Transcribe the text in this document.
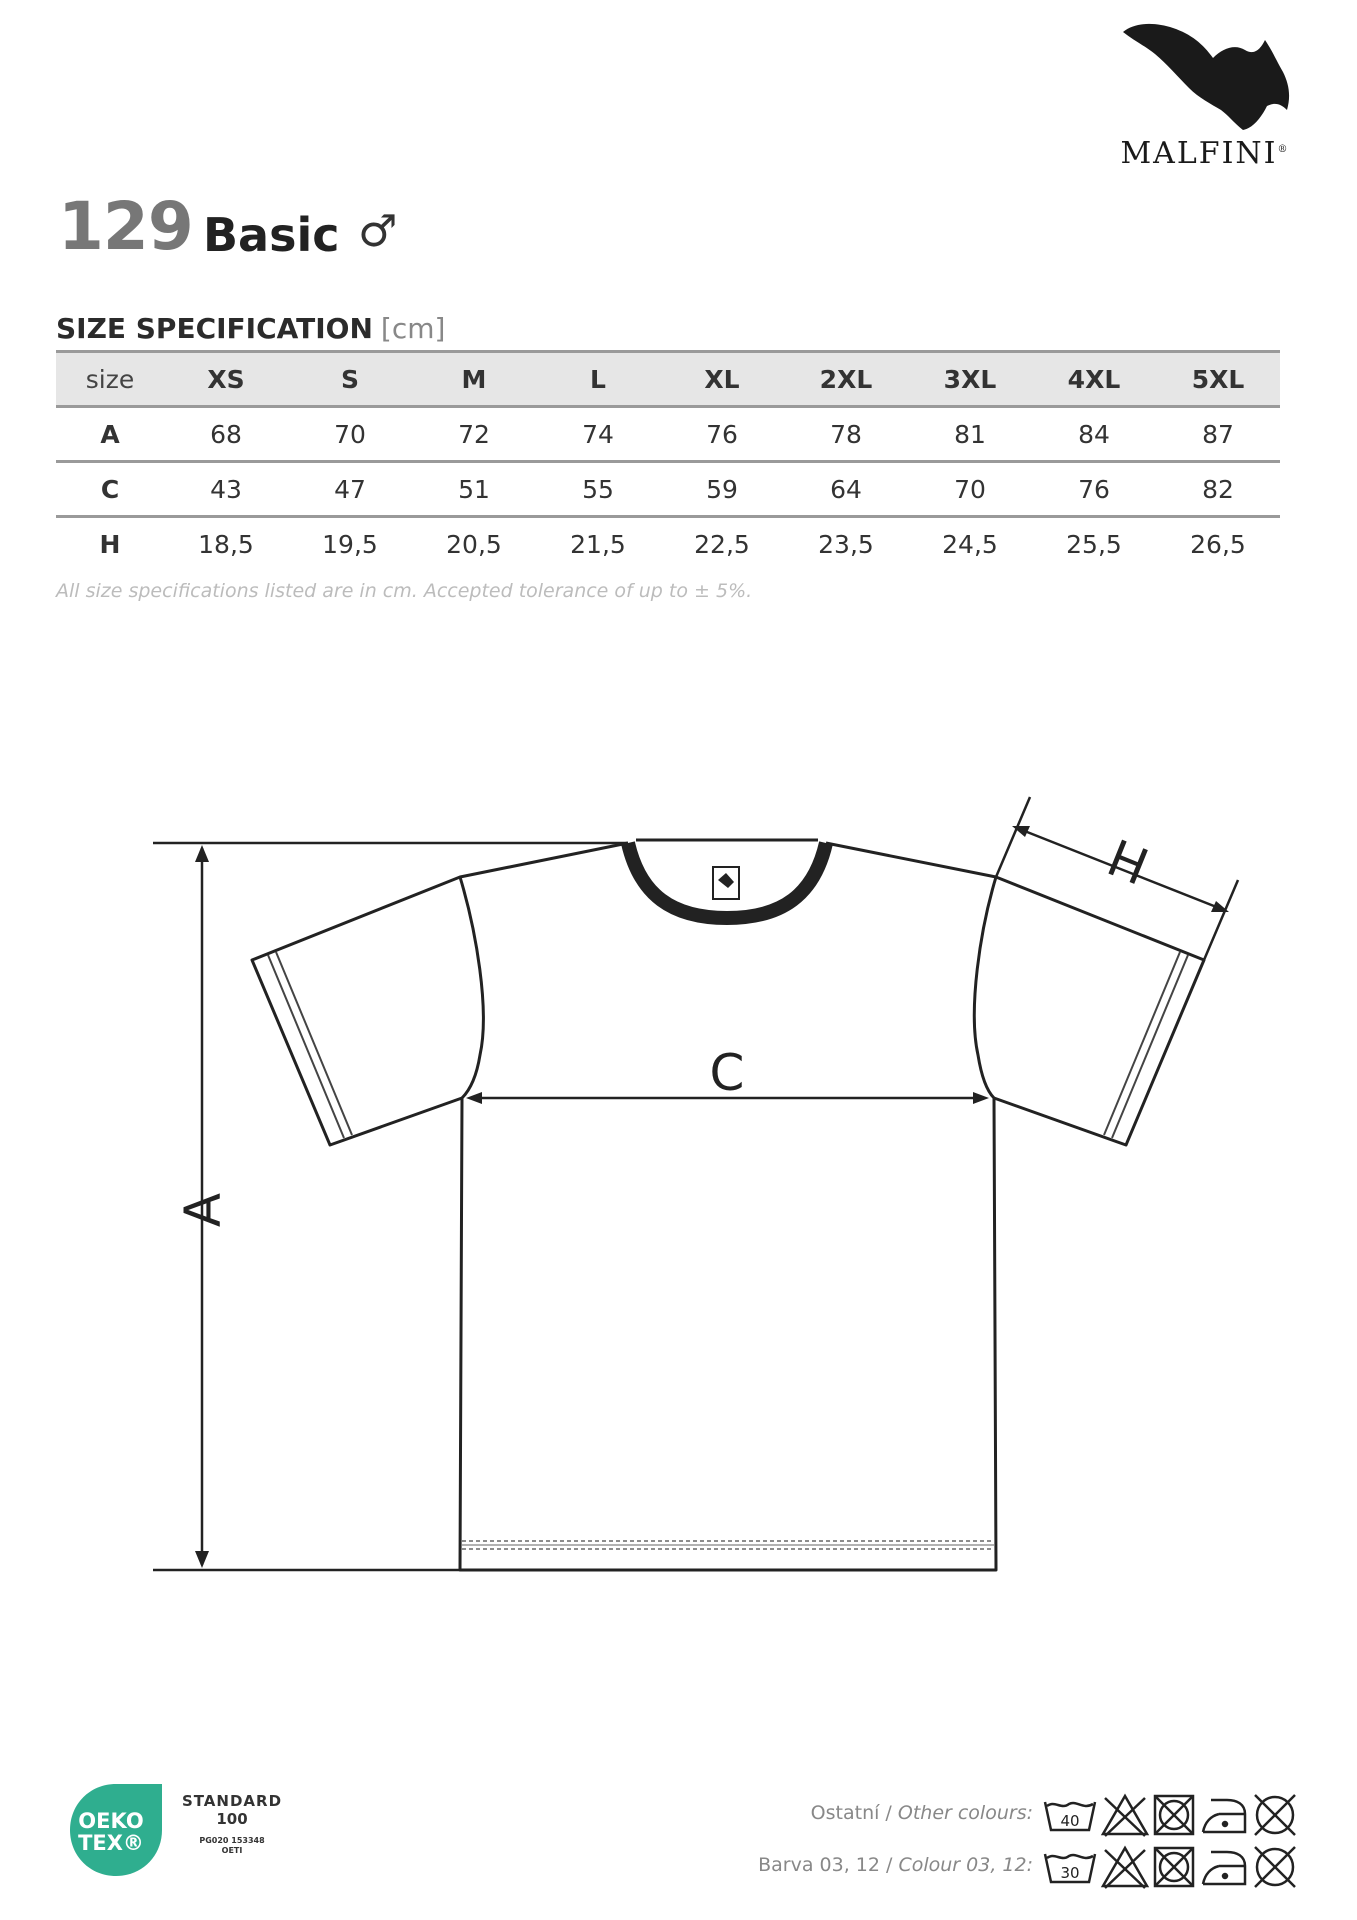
MALFINI®
129 Basic ♂
SIZE SPECIFICATION [cm]
size	XS	S	M	L	XL	2XL	3XL	4XL	5XL
A	68	70	72	74	76	78	81	84	87
C	43	47	51	55	59	64	70	76	82
H	18,5	19,5	20,5	21,5	22,5	23,5	24,5	25,5	26,5
All size specifications listed are in cm. Accepted tolerance of up to ± 5%.
A
C
H
OEKO
TEX®
STANDARD
100
PG020 153348
OETI
Ostatní / Other colours: 40
Barva 03, 12 / Colour 03, 12: 30
